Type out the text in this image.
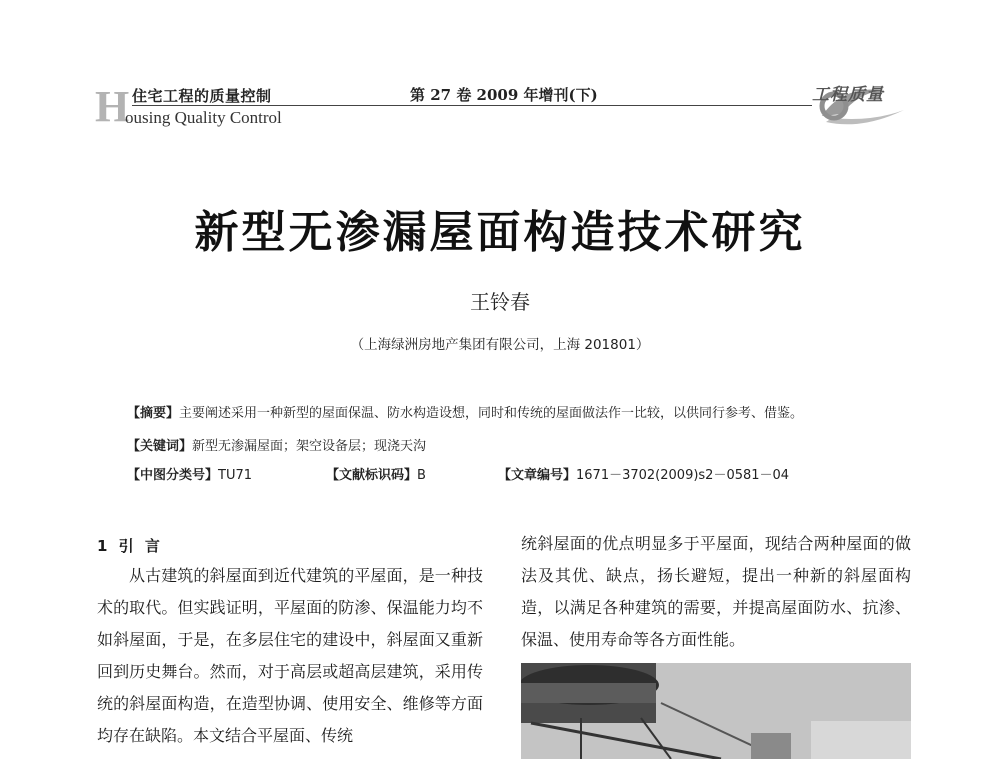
H 住宅工程的质量控制
ousing Quality Control
第 27 卷 2009 年增刊(下)	工程质量
新型无渗漏屋面构造技术研究
王铃春
（上海绿洲房地产集团有限公司，上海 201801）
【摘要】主要阐述采用一种新型的屋面保温、防水构造设想，同时和传统的屋面做法作一比较，以供同行参考、借鉴。
【关键词】新型无渗漏屋面；架空设备层；现浇天沟
【中图分类号】TU71	【文献标识码】B	【文章编号】1671－3702(2009)s2－0581－04
1 引 言

从古建筑的斜屋面到近代建筑的平屋面，是一种技术的取代。但实践证明，平屋面的防渗、保温能力均不如斜屋面，于是，在多层住宅的建设中，斜屋面又重新回到历史舞台。然而，对于高层或超高层建筑，采用传统的斜屋面构造，在造型协调、使用安全、维修等方面均存在缺陷。本文结合平屋面、传统

统斜屋面的优点明显多于平屋面，现结合两种屋面的做法及其优、缺点，扬长避短，提出一种新的斜屋面构造，以满足各种建筑的需要，并提高屋面防水、抗渗、保温、使用寿命等各方面性能。
